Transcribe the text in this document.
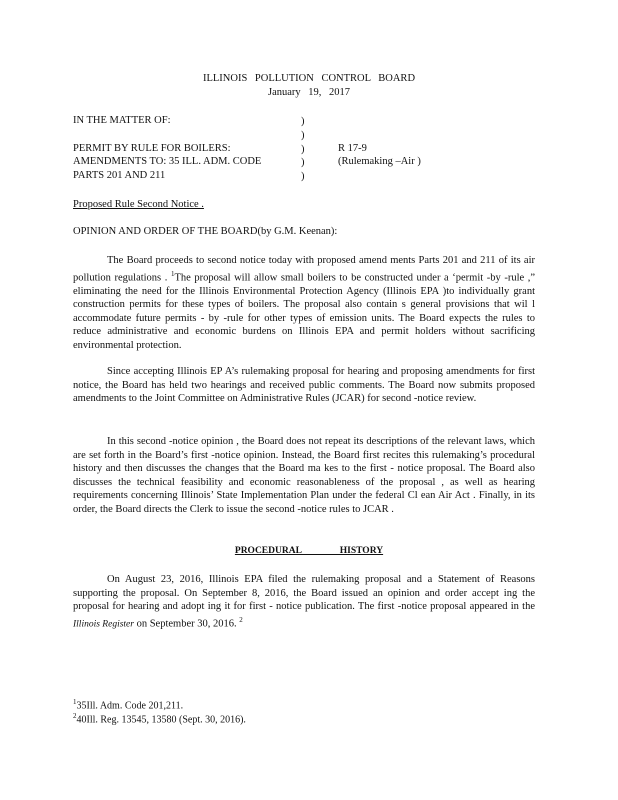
ILLINOIS POLLUTION CONTROL BOARD
January 19, 2017
IN THE MATTER OF:
PERMIT BY RULE FOR BOILERS:
AMENDMENTS TO: 35 ILL. ADM. CODE
PARTS 201 AND 211
)
)
)
)
)
R 17-9
(Rulemaking –Air )
Proposed Rule Second Notice .
OPINION AND ORDER OF THE BOARD(by G.M. Keenan):

The Board proceeds to second notice today with proposed amend ments Parts 201 and 211 of its air pollution regulations . $^1$The proposal will allow small boilers to be constructed under a ‘permit -by -rule ,” eliminating the need for the Illinois Environmental Protection Agency (Illinois EPA )to individually grant construction permits for these types of boilers. The proposal also contain s general provisions that wil l accommodate future permits - by -rule for other types of emission units. The Board expects the rules to reduce administrative and economic burdens on Illinois EPA and permit holders without sacrificing environmental protection.

Since accepting Illinois EP A’s rulemaking proposal for hearing and proposing amendments for first notice, the Board has held two hearings and received public comments. The Board now submits proposed amendments to the Joint Committee on Administrative Rules (JCAR) for second -notice review.

In this second -notice opinion , the Board does not repeat its descriptions of the relevant laws, which are set forth in the Board’s first -notice opinion. Instead, the Board first recites this rulemaking’s procedural history and then discusses the changes that the Board ma kes to the first - notice proposal. The Board also discusses the technical feasibility and economic reasonableness of the proposal , as well as hearing requirements concerning Illinois’ State Implementation Plan under the federal Cl ean Air Act . Finally, in its order, the Board directs the Clerk to issue the second -notice rules to JCAR .

PROCEDURAL HISTORY

On August 23, 2016, Illinois EPA filed the rulemaking proposal and a Statement of Reasons supporting the proposal. On September 8, 2016, the Board issued an opinion and order accept ing the proposal for hearing and adopt ing it for first - notice publication. The first -notice proposal appeared in the Illinois Register on September 30, 2016. $^2$

$^1$35Ill. Adm. Code 201,211.
$^2$40Ill. Reg. 13545, 13580 (Sept. 30, 2016).
